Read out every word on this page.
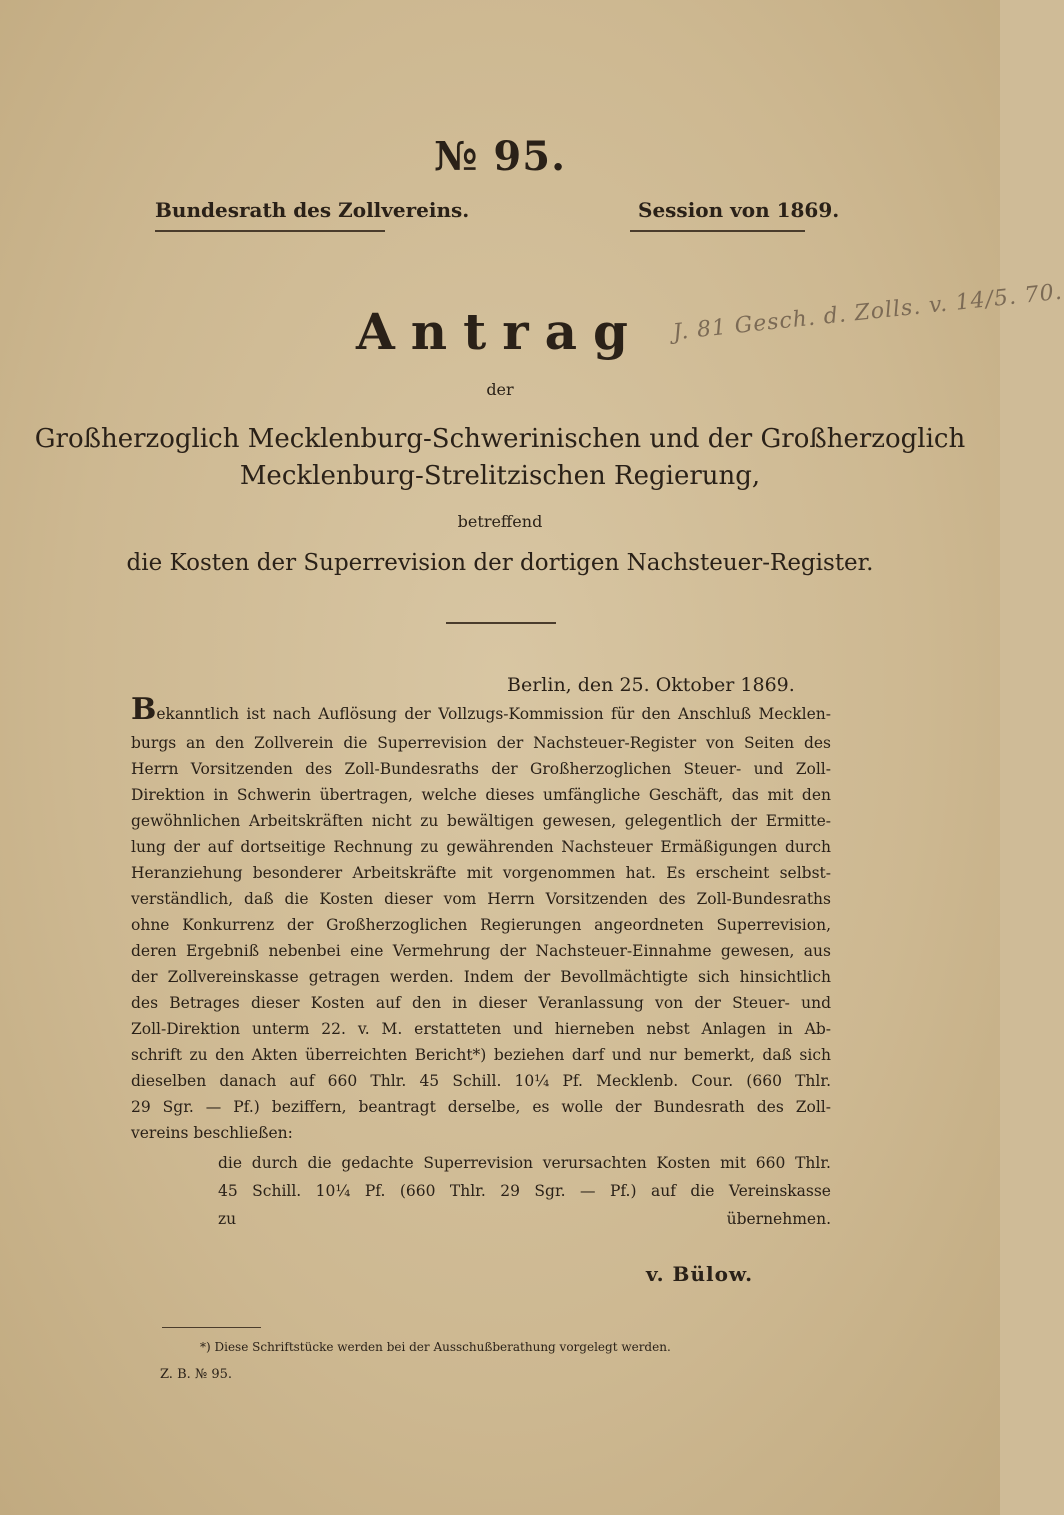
№ 95.
Bundesrath des Zollvereins.	Session von 1869.
J. 81 Gesch. d. Zolls. v. 14/5. 70.
Antrag
der
Großherzoglich Mecklenburg-Schwerinischen und der Großherzoglich
Mecklenburg-Strelitzischen Regierung,
betreffend
die Kosten der Superrevision der dortigen Nachsteuer-Register.
Berlin, den 25. Oktober 1869.
Bekanntlich ist nach Auflösung der Vollzugs-Kommission für den Anschluß Mecklen-
burgs an den Zollverein die Superrevision der Nachsteuer-Register von Seiten des
Herrn Vorsitzenden des Zoll-Bundesraths der Großherzoglichen Steuer- und Zoll-
Direktion in Schwerin übertragen, welche dieses umfängliche Geschäft, das mit den
gewöhnlichen Arbeitskräften nicht zu bewältigen gewesen, gelegentlich der Ermitte-
lung der auf dortseitige Rechnung zu gewährenden Nachsteuer Ermäßigungen durch
Heranziehung besonderer Arbeitskräfte mit vorgenommen hat. Es erscheint selbst-
verständlich, daß die Kosten dieser vom Herrn Vorsitzenden des Zoll-Bundesraths
ohne Konkurrenz der Großherzoglichen Regierungen angeordneten Superrevision,
deren Ergebniß nebenbei eine Vermehrung der Nachsteuer-Einnahme gewesen, aus
der Zollvereinskasse getragen werden. Indem der Bevollmächtigte sich hinsichtlich
des Betrages dieser Kosten auf den in dieser Veranlassung von der Steuer- und
Zoll-Direktion unterm 22. v. M. erstatteten und hierneben nebst Anlagen in Ab-
schrift zu den Akten überreichten Bericht*) beziehen darf und nur bemerkt, daß sich
dieselben danach auf 660 Thlr. 45 Schill. 10¼ Pf. Mecklenb. Cour. (660 Thlr.
29 Sgr. — Pf.) beziffern, beantragt derselbe, es wolle der Bundesrath des Zoll-
vereins beschließen:
die durch die gedachte Superrevision verursachten Kosten mit 660 Thlr.
45 Schill. 10¼ Pf. (660 Thlr. 29 Sgr. — Pf.) auf die Vereinskasse
zu übernehmen.
v. Bülow.
*) Diese Schriftstücke werden bei der Ausschußberathung vorgelegt werden.
Z. B. № 95.
